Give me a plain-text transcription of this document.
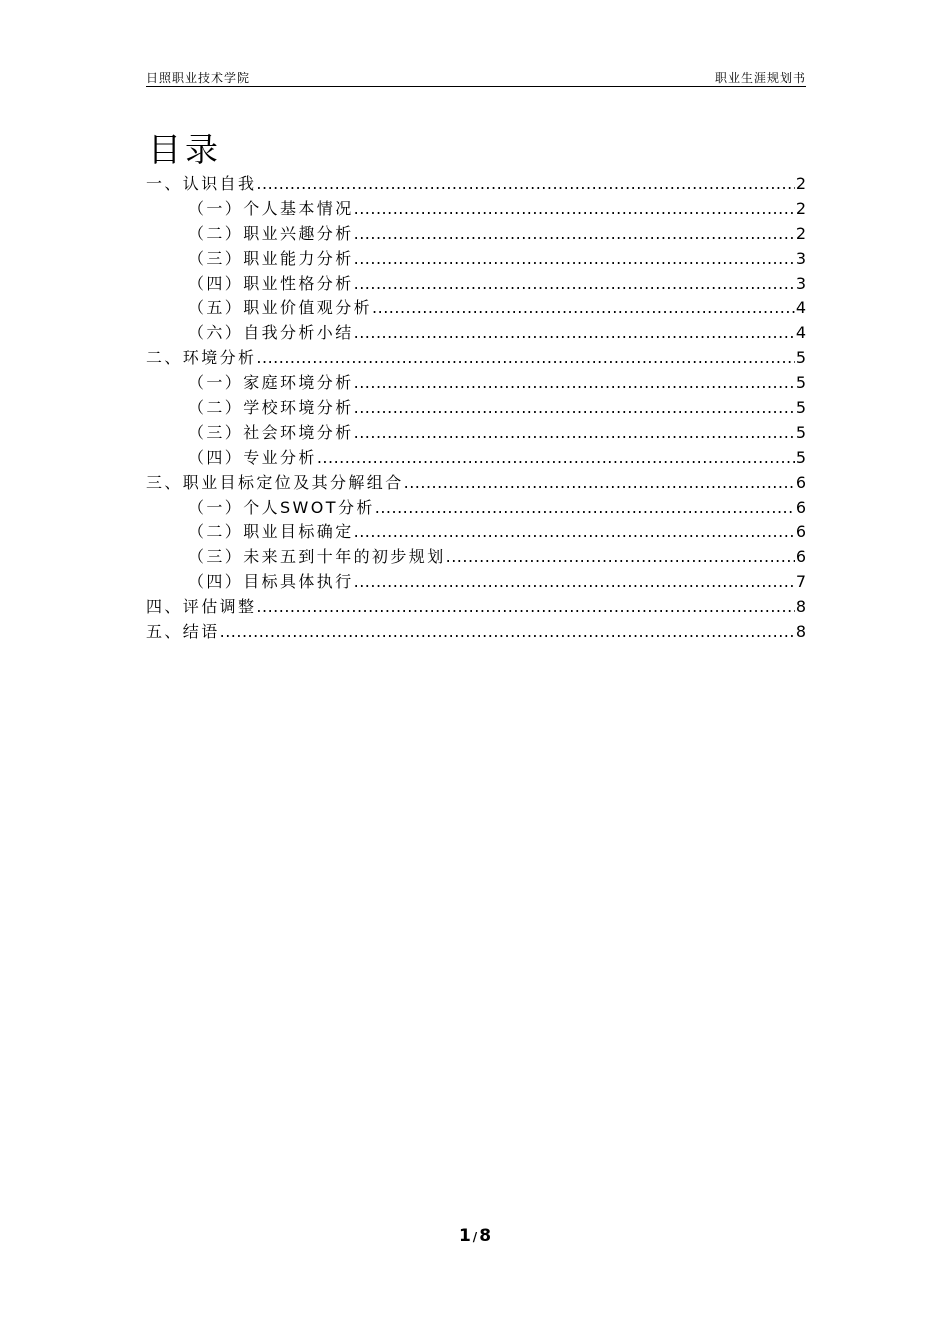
日照职业技术学院	职业生涯规划书
目录
一、认识自我 .....	2
（一）个人基本情况 .....	2
（二）职业兴趣分析 .....	2
（三）职业能力分析 .....	3
（四）职业性格分析 .....	3
（五）职业价值观分析 .....	4
（六）自我分析小结 .....	4
二、环境分析 .....	5
（一）家庭环境分析 .....	5
（二）学校环境分析 .....	5
（三）社会环境分析 .....	5
（四）专业分析 .....	5
三、职业目标定位及其分解组合 .....	6
（一）个人SWOT分析 .....	6
（二）职业目标确定 .....	6
（三）未来五到十年的初步规划 .....	6
（四）目标具体执行 .....	7
四、评估调整 .....	8
五、结语 .....	8
1 / 8
